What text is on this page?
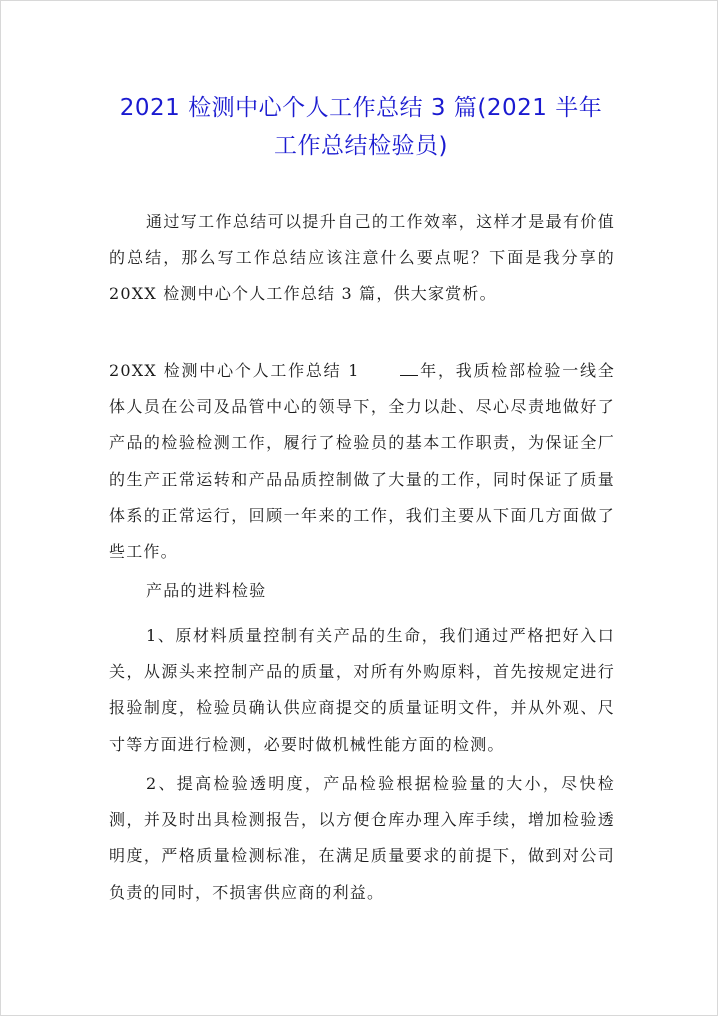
2021 检测中心个人工作总结 3 篇(2021 半年
工作总结检验员)

通过写工作总结可以提升自己的工作效率，这样才是最有价值的总结，那么写工作总结应该注意什么要点呢？下面是我分享的 20XX 检测中心个人工作总结 3 篇，供大家赏析。

20XX 检测中心个人工作总结 1	年，我质检部检验一线全体人员在公司及品管中心的领导下，全力以赴、尽心尽责地做好了产品的检验检测工作，履行了检验员的基本工作职责，为保证全厂的生产正常运转和产品品质控制做了大量的工作，同时保证了质量体系的正常运行，回顾一年来的工作，我们主要从下面几方面做了些工作。

产品的进料检验

1、原材料质量控制有关产品的生命，我们通过严格把好入口关，从源头来控制产品的质量，对所有外购原料，首先按规定进行报验制度，检验员确认供应商提交的质量证明文件，并从外观、尺寸等方面进行检测，必要时做机械性能方面的检测。

2、提高检验透明度，产品检验根据检验量的大小，尽快检测，并及时出具检测报告，以方便仓库办理入库手续，增加检验透明度，严格质量检测标准，在满足质量要求的前提下，做到对公司负责的同时，不损害供应商的利益。
